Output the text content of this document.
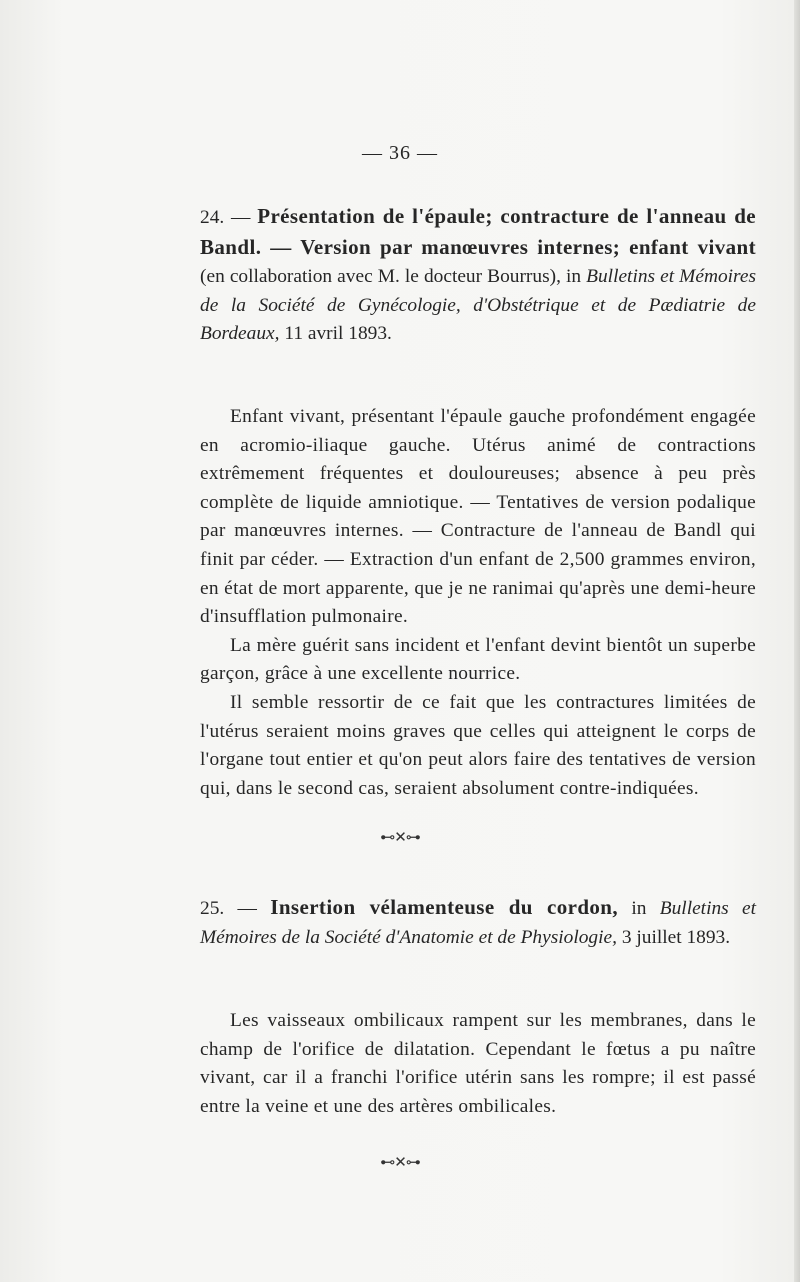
— 36 —
24. — Présentation de l'épaule; contracture de l'anneau de Bandl. — Version par manœuvres internes; enfant vivant (en collaboration avec M. le docteur Bourrus), in Bulletins et Mémoires de la Société de Gynécologie, d'Obstétrique et de Pædiatrie de Bordeaux, 11 avril 1893.

Enfant vivant, présentant l'épaule gauche profondément engagée en acromio-iliaque gauche. Utérus animé de contractions extrêmement fréquentes et douloureuses; absence à peu près complète de liquide amniotique. — Tentatives de version podalique par manœuvres internes. — Contracture de l'anneau de Bandl qui finit par céder. — Extraction d'un enfant de 2,500 grammes environ, en état de mort apparente, que je ne ranimai qu'après une demi-heure d'insufflation pulmonaire.

La mère guérit sans incident et l'enfant devint bientôt un superbe garçon, grâce à une excellente nourrice.

Il semble ressortir de ce fait que les contractures limitées de l'utérus seraient moins graves que celles qui atteignent le corps de l'organe tout entier et qu'on peut alors faire des tentatives de version qui, dans le second cas, seraient absolument contre-indiquées.

⊷✕⊶
25. — Insertion vélamenteuse du cordon, in Bulletins et Mémoires de la Société d'Anatomie et de Physiologie, 3 juillet 1893.

Les vaisseaux ombilicaux rampent sur les membranes, dans le champ de l'orifice de dilatation. Cependant le fœtus a pu naître vivant, car il a franchi l'orifice utérin sans les rompre; il est passé entre la veine et une des artères ombilicales.

⊷✕⊶
